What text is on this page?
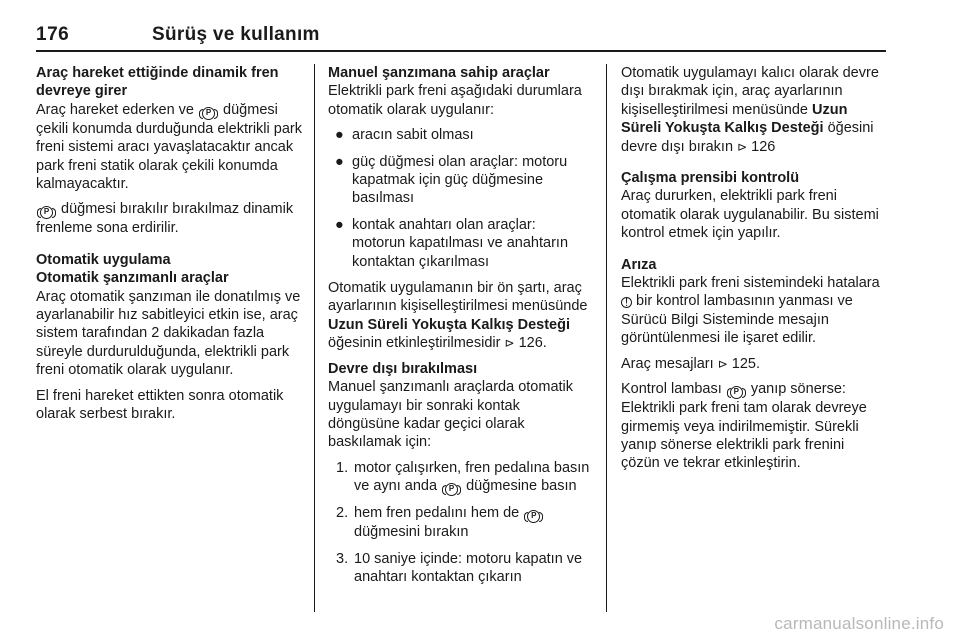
176	Sürüş ve kullanım
Araç hareket ettiğinde dinamik fren devreye girer
Araç hareket ederken ve P düğmesi çekili konumda durduğunda elektrikli park freni sistemi aracı yavaşlatacaktır ancak park freni statik olarak çekili konumda kalmayacaktır.
P düğmesi bırakılır bırakılmaz dinamik frenleme sona erdirilir.
Otomatik uygulama
Otomatik şanzımanlı araçlar
Araç otomatik şanzıman ile donatılmış ve ayarlanabilir hız sabitleyici etkin ise, araç sistem tarafından 2 dakikadan fazla süreyle durdurulduğunda, elektrikli park freni otomatik olarak uygulanır.
El freni hareket ettikten sonra otomatik olarak serbest bırakır.
Manuel şanzımana sahip araçlar
Elektrikli park freni aşağıdaki durumlara otomatik olarak uygulanır:
● aracın sabit olması
● güç düğmesi olan araçlar: motoru kapatmak için güç düğmesine basılması
● kontak anahtarı olan araçlar: motorun kapatılması ve anahtarın kontaktan çıkarılması
Otomatik uygulamanın bir ön şartı, araç ayarlarının kişiselleştirilmesi menüsünde Uzun Süreli Yokuşta Kalkış Desteği öğesinin etkinleştirilmesidir ⊳ 126.
Devre dışı bırakılması
Manuel şanzımanlı araçlarda otomatik uygulamayı bir sonraki kontak döngüsüne kadar geçici olarak baskılamak için:
1. motor çalışırken, fren pedalına basın ve aynı anda P düğmesine basın
2. hem fren pedalını hem de P düğmesini bırakın
3. 10 saniye içinde: motoru kapatın ve anahtarı kontaktan çıkarın
Otomatik uygulamayı kalıcı olarak devre dışı bırakmak için, araç ayarlarının kişiselleştirilmesi menüsünde Uzun Süreli Yokuşta Kalkış Desteği öğesini devre dışı bırakın ⊳ 126
Çalışma prensibi kontrolü
Araç dururken, elektrikli park freni otomatik olarak uygulanabilir. Bu sistemi kontrol etmek için yapılır.
Arıza
Elektrikli park freni sistemindeki hatalara ! bir kontrol lambasının yanması ve Sürücü Bilgi Sisteminde mesajın görüntülenmesi ile işaret edilir.
Araç mesajları ⊳ 125.
Kontrol lambası P yanıp sönerse: Elektrikli park freni tam olarak devreye girmemiş veya indirilmemiştir. Sürekli yanıp sönerse elektrikli park frenini çözün ve tekrar etkinleştirin.
carmanualsonline.info
